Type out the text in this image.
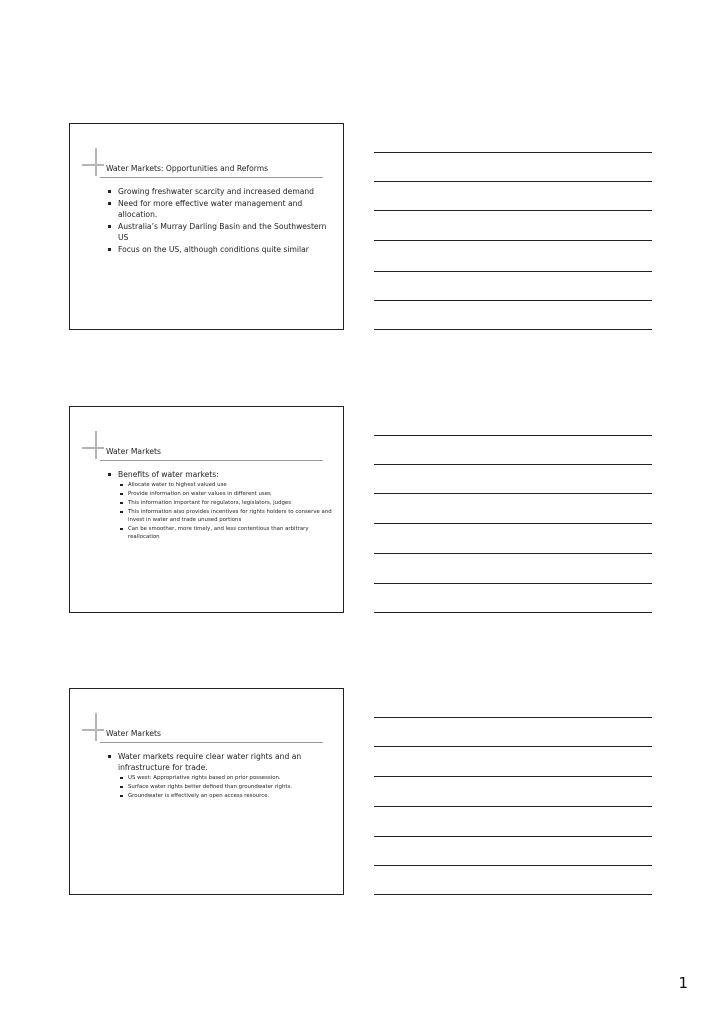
Water Markets: Opportunities and Reforms
Growing freshwater scarcity and increased demand
Need for more effective water management and allocation.
Australia’s Murray Darling Basin and the Southwestern US
Focus on the US, although conditions quite similar
Water Markets
Benefits of water markets:
Allocate water to highest valued use
Provide information on water values in different uses
This information important for regulators, legislators, judges
This information also provides incentives for rights holders to conserve and invest in water and trade unused portions
Can be smoother, more timely, and less contentious than arbitrary reallocation
Water Markets
Water markets require clear water rights and an infrastructure for trade.
US west: Appropriative rights based on prior possession.
Surface water rights better defined than groundwater rights.
Groundwater is effectively an open access resource.
1
